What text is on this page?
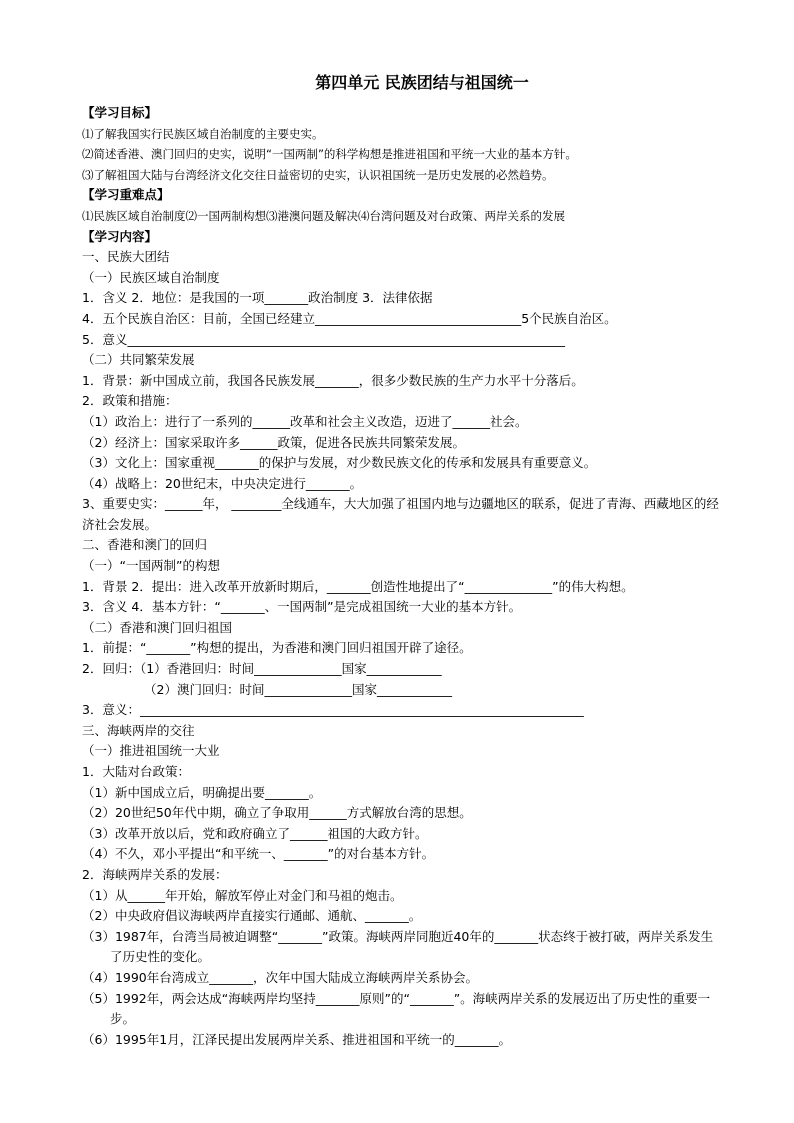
第四单元 民族团结与祖国统一

【学习目标】

⑴了解我国实行民族区域自治制度的主要史实。

⑵简述香港、澳门回归的史实，说明“一国两制”的科学构想是推进祖国和平统一大业的基本方针。

⑶了解祖国大陆与台湾经济文化交往日益密切的史实，认识祖国统一是历史发展的必然趋势。

【学习重难点】

⑴民族区域自治制度⑵一国两制构想⑶港澳问题及解决⑷台湾问题及对台政策、两岸关系的发展

【学习内容】

一、民族大团结

（一）民族区域自治制度

1．含义 2．地位：是我国的一项_______政治制度 3．法律依据

4．五个民族自治区：目前，全国已经建立_________________________________5个民族自治区。

5．意义______________________________________________________________________

（二）共同繁荣发展

1．背景：新中国成立前，我国各民族发展_______，很多少数民族的生产力水平十分落后。

2．政策和措施：

（1）政治上：进行了一系列的______改革和社会主义改造，迈进了______社会。

（2）经济上：国家采取许多______政策，促进各民族共同繁荣发展。

（3）文化上：国家重视_______的保护与发展，对少数民族文化的传承和发展具有重要意义。

（4）战略上：20世纪末，中央决定进行_______。

3、重要史实：______年， ________全线通车，大大加强了祖国内地与边疆地区的联系，促进了青海、西藏地区的经济社会发展。

二、香港和澳门的回归

（一）“一国两制”的构想

1．背景 2．提出：进入改革开放新时期后，_______创造性地提出了“______________”的伟大构想。

3．含义 4．基本方针：“_______、一国两制”是完成祖国统一大业的基本方针。

（二）香港和澳门回归祖国

1．前提：“_______”构想的提出，为香港和澳门回归祖国开辟了途径。

2．回归：（1）香港回归：时间______________国家____________

（2）澳门回归：时间______________国家____________

3．意义：_______________________________________________________________________

三、海峡两岸的交往

（一）推进祖国统一大业

1．大陆对台政策：

（1）新中国成立后，明确提出要_______。

（2）20世纪50年代中期，确立了争取用______方式解放台湾的思想。

（3）改革开放以后，党和政府确立了______祖国的大政方针。

（4）不久，邓小平提出“和平统一、_______”的对台基本方针。

2．海峡两岸关系的发展：

（1）从______年开始，解放军停止对金门和马祖的炮击。

（2）中央政府倡议海峡两岸直接实行通邮、通航、_______。

（3）1987年，台湾当局被迫调整“_______”政策。海峡两岸同胞近40年的_______状态终于被打破，两岸关系发生了历史性的变化。

（4）1990年台湾成立_______，次年中国大陆成立海峡两岸关系协会。

（5）1992年，两会达成“海峡两岸均坚持_______原则”的“_______”。海峡两岸关系的发展迈出了历史性的重要一步。

（6）1995年1月，江泽民提出发展两岸关系、推进祖国和平统一的_______。
